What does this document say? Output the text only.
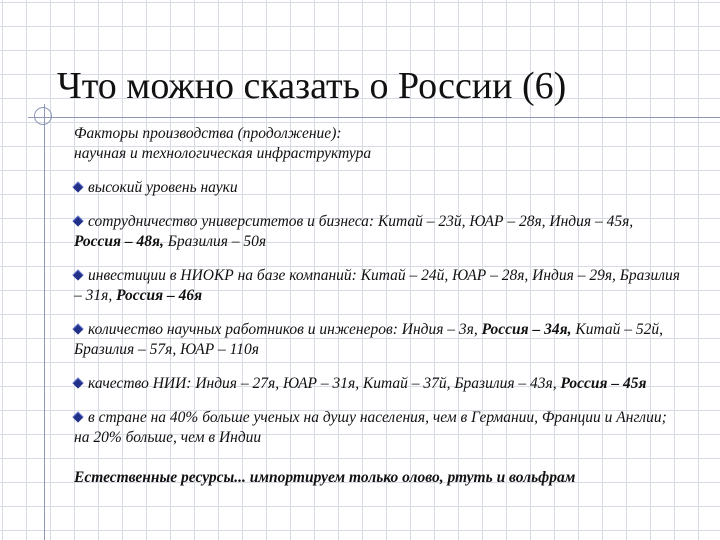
Что можно сказать о России (6)
Факторы производства (продолжение):
научная и технологическая инфраструктура
высокий уровень науки
сотрудничество университетов и бизнеса: Китай – 23й, ЮАР – 28я, Индия – 45я, Россия – 48я, Бразилия – 50я
инвестиции в НИОКР на базе компаний: Китай – 24й, ЮАР – 28я, Индия – 29я, Бразилия – 31я, Россия – 46я
количество научных работников и инженеров: Индия – 3я, Россия – 34я, Китай – 52й, Бразилия – 57я, ЮАР – 110я
качество НИИ: Индия – 27я, ЮАР – 31я, Китай – 37й, Бразилия – 43я, Россия – 45я
в стране на 40% больше ученых на душу населения, чем в Германии, Франции и Англии; на 20% больше, чем в Индии
Естественные ресурсы... импортируем только олово, ртуть и вольфрам
